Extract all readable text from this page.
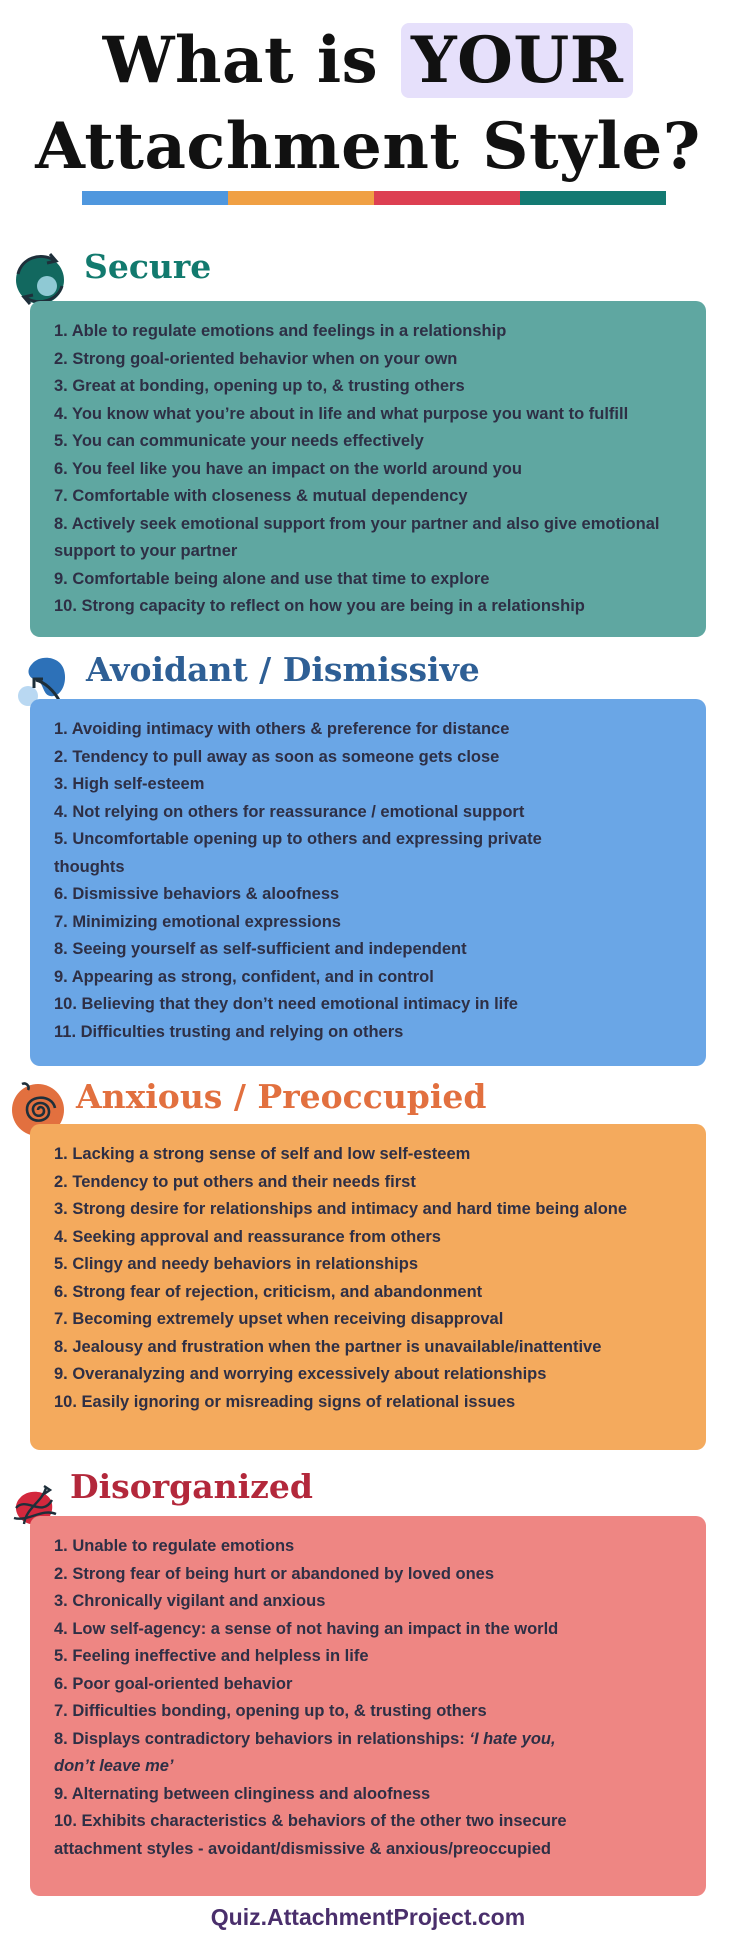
What is YOUR
Attachment Style?
Secure
1. Able to regulate emotions and feelings in a relationship
2. Strong goal-oriented behavior when on your own
3. Great at bonding, opening up to, & trusting others
4. You know what you’re about in life and what purpose you want to fulfill
5. You can communicate your needs effectively
6. You feel like you have an impact on the world around you
7. Comfortable with closeness & mutual dependency
8. Actively seek emotional support from your partner and also give emotional support to your partner
9. Comfortable being alone and use that time to explore
10. Strong capacity to reflect on how you are being in a relationship
Avoidant / Dismissive
1. Avoiding intimacy with others & preference for distance
2. Tendency to pull away as soon as someone gets close
3. High self-esteem
4. Not relying on others for reassurance / emotional support
5. Uncomfortable opening up to others and expressing private thoughts
6. Dismissive behaviors & aloofness
7. Minimizing emotional expressions
8. Seeing yourself as self-sufficient and independent
9. Appearing as strong, confident, and in control
10. Believing that they don’t need emotional intimacy in life
11. Difficulties trusting and relying on others
Anxious / Preoccupied
1. Lacking a strong sense of self and low self-esteem
2. Tendency to put others and their needs first
3. Strong desire for relationships and intimacy and hard time being alone
4. Seeking approval and reassurance from others
5. Clingy and needy behaviors in relationships
6. Strong fear of rejection, criticism, and abandonment
7. Becoming extremely upset when receiving disapproval
8. Jealousy and frustration when the partner is unavailable/inattentive
9. Overanalyzing and worrying excessively about relationships
10. Easily ignoring or misreading signs of relational issues
Disorganized
1. Unable to regulate emotions
2. Strong fear of being hurt or abandoned by loved ones
3. Chronically vigilant and anxious
4. Low self-agency: a sense of not having an impact in the world
5. Feeling ineffective and helpless in life
6. Poor goal-oriented behavior
7. Difficulties bonding, opening up to, & trusting others
8. Displays contradictory behaviors in relationships: ‘I hate you, don’t leave me’
9. Alternating between clinginess and aloofness
10. Exhibits characteristics & behaviors of the other two insecure attachment styles - avoidant/dismissive & anxious/preoccupied
Quiz.AttachmentProject.com
